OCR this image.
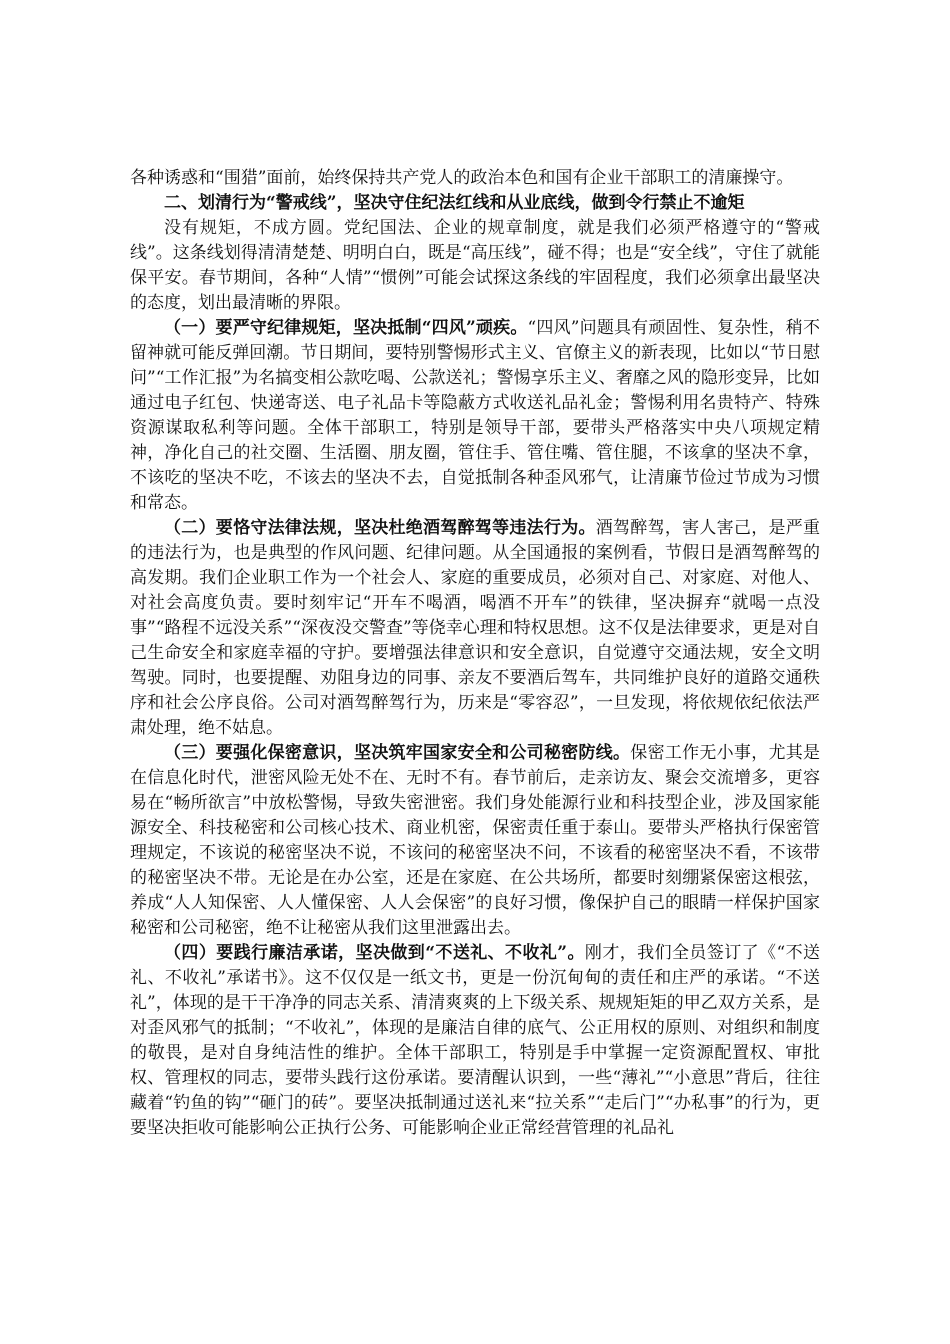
各种诱惑和“围猎”面前，始终保持共产党人的政治本色和国有企业干部职工的清廉操守。

二、划清行为“警戒线”，坚决守住纪法红线和从业底线，做到令行禁止不逾矩

没有规矩，不成方圆。党纪国法、企业的规章制度，就是我们必须严格遵守的“警戒线”。这条线划得清清楚楚、明明白白，既是“高压线”，碰不得；也是“安全线”，守住了就能保平安。春节期间，各种“人情”“惯例”可能会试探这条线的牢固程度，我们必须拿出最坚决的态度，划出最清晰的界限。

（一）要严守纪律规矩，坚决抵制“四风”顽疾。“四风”问题具有顽固性、复杂性，稍不留神就可能反弹回潮。节日期间，要特别警惕形式主义、官僚主义的新表现，比如以“节日慰问”“工作汇报”为名搞变相公款吃喝、公款送礼；警惕享乐主义、奢靡之风的隐形变异，比如通过电子红包、快递寄送、电子礼品卡等隐蔽方式收送礼品礼金；警惕利用名贵特产、特殊资源谋取私利等问题。全体干部职工，特别是领导干部，要带头严格落实中央八项规定精神，净化自己的社交圈、生活圈、朋友圈，管住手、管住嘴、管住腿，不该拿的坚决不拿，不该吃的坚决不吃，不该去的坚决不去，自觉抵制各种歪风邪气，让清廉节俭过节成为习惯和常态。

（二）要恪守法律法规，坚决杜绝酒驾醉驾等违法行为。酒驾醉驾，害人害己，是严重的违法行为，也是典型的作风问题、纪律问题。从全国通报的案例看，节假日是酒驾醉驾的高发期。我们企业职工作为一个社会人、家庭的重要成员，必须对自己、对家庭、对他人、对社会高度负责。要时刻牢记“开车不喝酒，喝酒不开车”的铁律，坚决摒弃“就喝一点没事”“路程不远没关系”“深夜没交警查”等侥幸心理和特权思想。这不仅是法律要求，更是对自己生命安全和家庭幸福的守护。要增强法律意识和安全意识，自觉遵守交通法规，安全文明驾驶。同时，也要提醒、劝阻身边的同事、亲友不要酒后驾车，共同维护良好的道路交通秩序和社会公序良俗。公司对酒驾醉驾行为，历来是“零容忍”，一旦发现，将依规依纪依法严肃处理，绝不姑息。

（三）要强化保密意识，坚决筑牢国家安全和公司秘密防线。保密工作无小事，尤其是在信息化时代，泄密风险无处不在、无时不有。春节前后，走亲访友、聚会交流增多，更容易在“畅所欲言”中放松警惕，导致失密泄密。我们身处能源行业和科技型企业，涉及国家能源安全、科技秘密和公司核心技术、商业机密，保密责任重于泰山。要带头严格执行保密管理规定，不该说的秘密坚决不说，不该问的秘密坚决不问，不该看的秘密坚决不看，不该带的秘密坚决不带。无论是在办公室，还是在家庭、在公共场所，都要时刻绷紧保密这根弦，养成“人人知保密、人人懂保密、人人会保密”的良好习惯，像保护自己的眼睛一样保护国家秘密和公司秘密，绝不让秘密从我们这里泄露出去。

（四）要践行廉洁承诺，坚决做到“不送礼、不收礼”。刚才，我们全员签订了《“不送礼、不收礼”承诺书》。这不仅仅是一纸文书，更是一份沉甸甸的责任和庄严的承诺。“不送礼”，体现的是干干净净的同志关系、清清爽爽的上下级关系、规规矩矩的甲乙双方关系，是对歪风邪气的抵制；“不收礼”，体现的是廉洁自律的底气、公正用权的原则、对组织和制度的敬畏，是对自身纯洁性的维护。全体干部职工，特别是手中掌握一定资源配置权、审批权、管理权的同志，要带头践行这份承诺。要清醒认识到，一些“薄礼”“小意思”背后，往往藏着“钓鱼的钩”“砸门的砖”。要坚决抵制通过送礼来“拉关系”“走后门”“办私事”的行为，更要坚决拒收可能影响公正执行公务、可能影响企业正常经营管理的礼品礼
